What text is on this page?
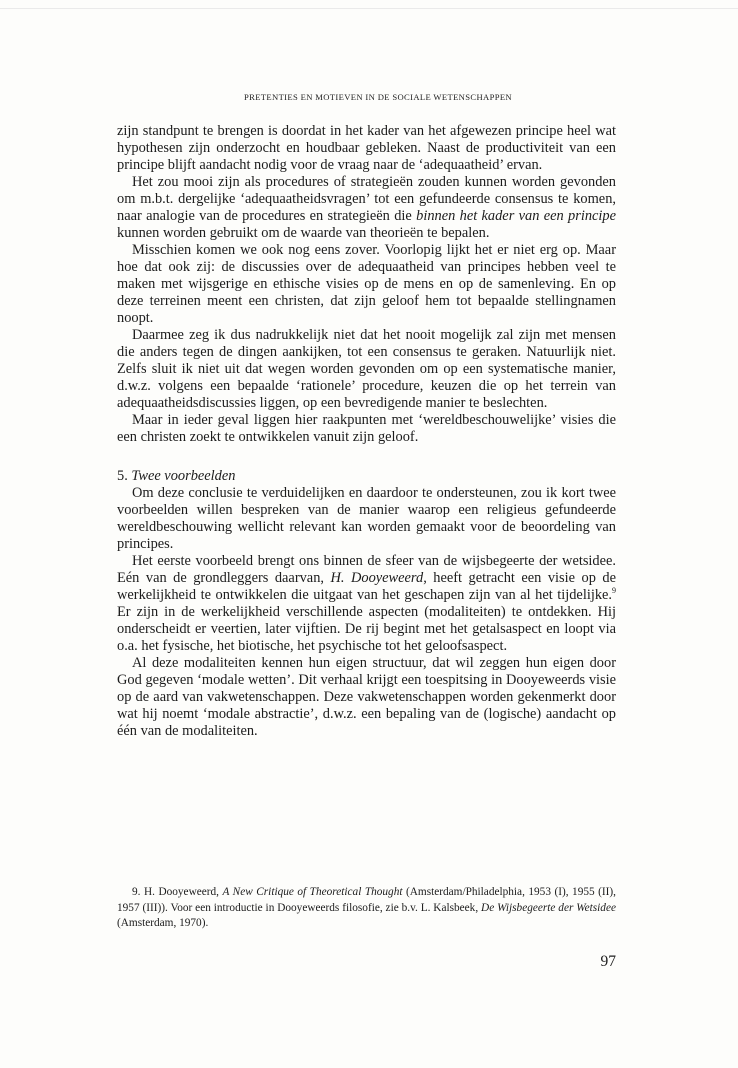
PRETENTIES EN MOTIEVEN IN DE SOCIALE WETENSCHAPPEN

zijn standpunt te brengen is doordat in het kader van het afgewezen principe heel wat hypothesen zijn onderzocht en houdbaar gebleken. Naast de productiviteit van een principe blijft aandacht nodig voor de vraag naar de ‘adequaatheid’ ervan.

Het zou mooi zijn als procedures of strategieën zouden kunnen worden gevonden om m.b.t. dergelijke ‘adequaatheidsvragen’ tot een gefundeerde consensus te komen, naar analogie van de procedures en strategieën die binnen het kader van een principe kunnen worden gebruikt om de waarde van theorieën te bepalen.

Misschien komen we ook nog eens zover. Voorlopig lijkt het er niet erg op. Maar hoe dat ook zij: de discussies over de adequaatheid van principes hebben veel te maken met wijsgerige en ethische visies op de mens en op de samenleving. En op deze terreinen meent een christen, dat zijn geloof hem tot bepaalde stellingnamen noopt.

Daarmee zeg ik dus nadrukkelijk niet dat het nooit mogelijk zal zijn met mensen die anders tegen de dingen aankijken, tot een consensus te geraken. Natuurlijk niet. Zelfs sluit ik niet uit dat wegen worden gevonden om op een systematische manier, d.w.z. volgens een bepaalde ‘rationele’ procedure, keuzen die op het terrein van adequaatheidsdiscussies liggen, op een bevredigende manier te beslechten.

Maar in ieder geval liggen hier raakpunten met ‘wereldbeschouwelijke’ visies die een christen zoekt te ontwikkelen vanuit zijn geloof.

5. Twee voorbeelden

Om deze conclusie te verduidelijken en daardoor te ondersteunen, zou ik kort twee voorbeelden willen bespreken van de manier waarop een religieus gefundeerde wereldbeschouwing wellicht relevant kan worden gemaakt voor de beoordeling van principes.

Het eerste voorbeeld brengt ons binnen de sfeer van de wijsbegeerte der wetsidee. Eén van de grondleggers daarvan, H. Dooyeweerd, heeft getracht een visie op de werkelijkheid te ontwikkelen die uitgaat van het geschapen zijn van al het tijdelijke.$^9$ Er zijn in de werkelijkheid verschillende aspecten (modaliteiten) te ontdekken. Hij onderscheidt er veertien, later vijftien. De rij begint met het getalsaspect en loopt via o.a. het fysische, het biotische, het psychische tot het geloofsaspect.

Al deze modaliteiten kennen hun eigen structuur, dat wil zeggen hun eigen door God gegeven ‘modale wetten’. Dit verhaal krijgt een toespitsing in Dooyeweerds visie op de aard van vakwetenschappen. Deze vakwetenschappen worden gekenmerkt door wat hij noemt ‘modale abstractie’, d.w.z. een bepaling van de (logische) aandacht op één van de modaliteiten.

9. H. Dooyeweerd, A New Critique of Theoretical Thought (Amsterdam/Philadelphia, 1953 (I), 1955 (II), 1957 (III)). Voor een introductie in Dooyeweerds filosofie, zie b.v. L. Kalsbeek, De Wijsbegeerte der Wetsidee (Amsterdam, 1970).

97
